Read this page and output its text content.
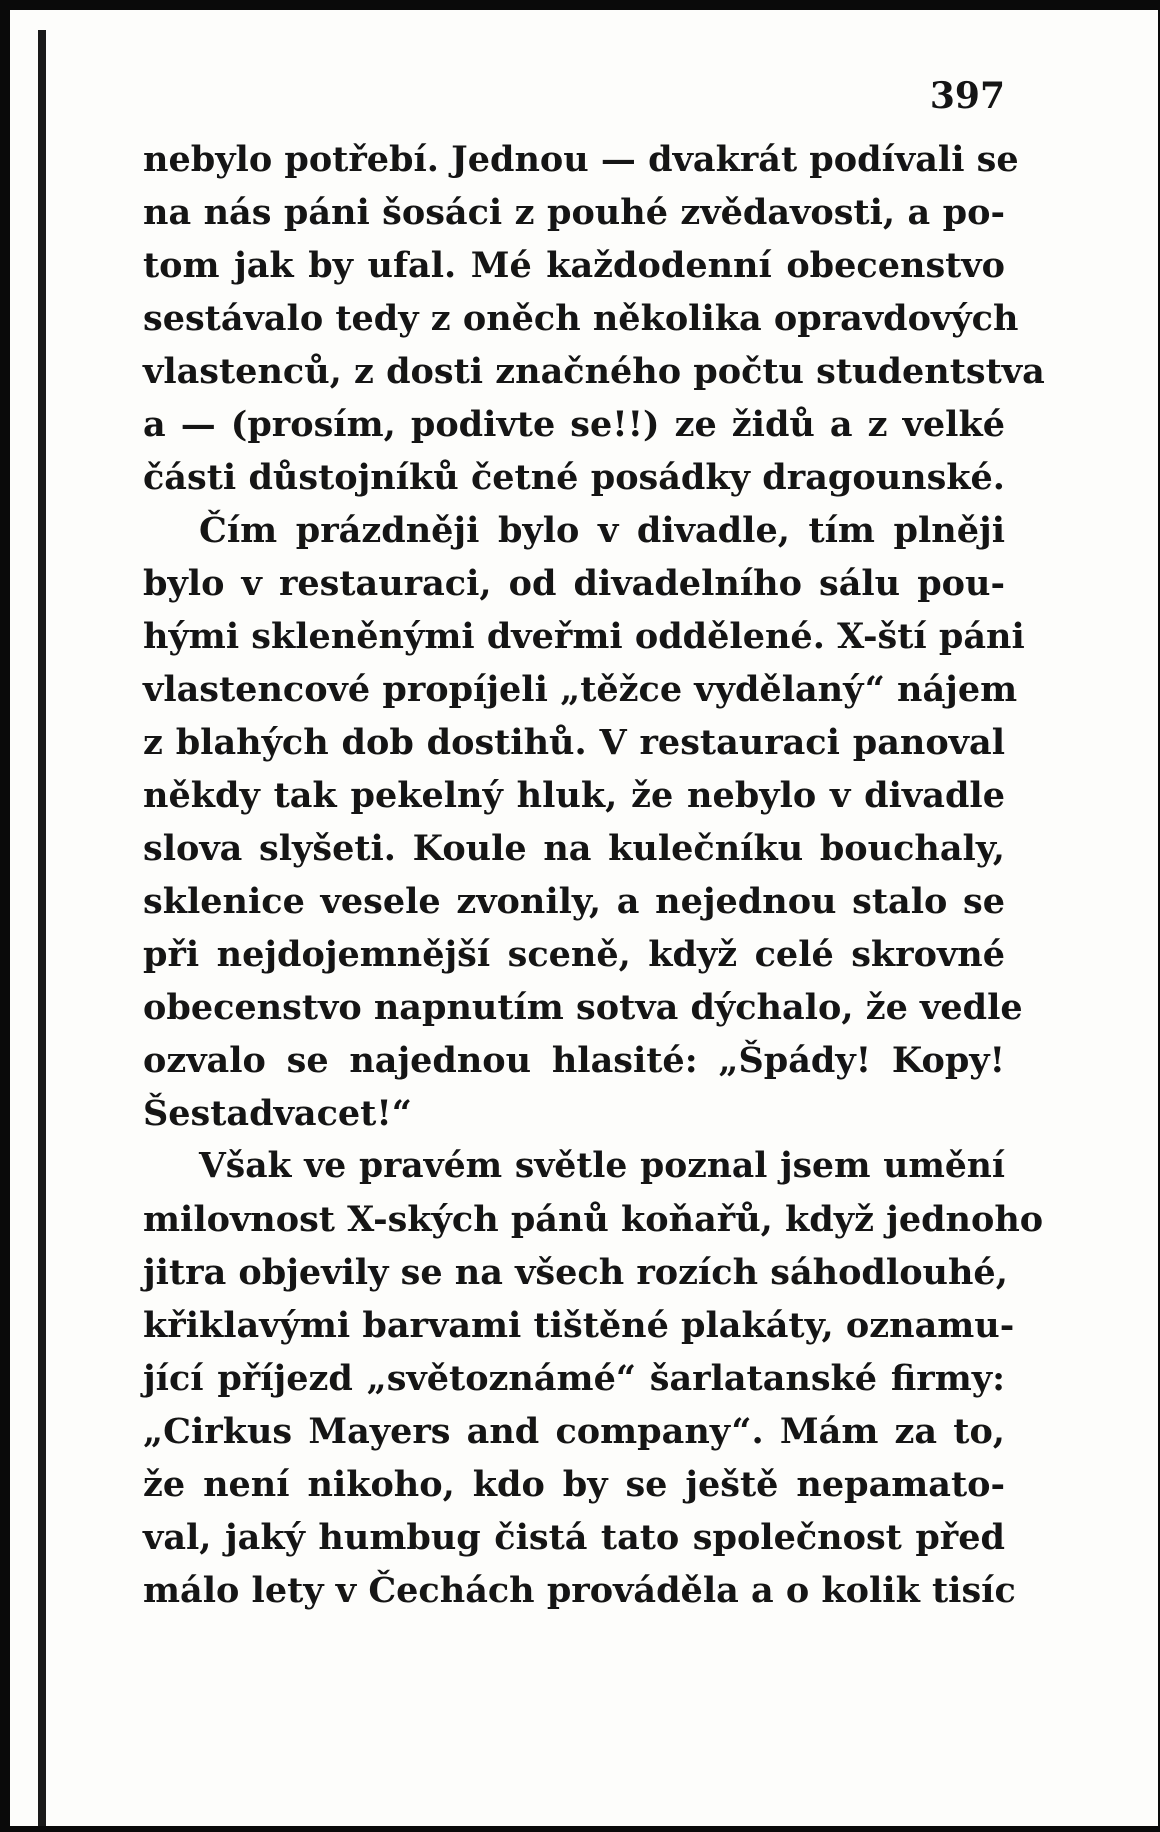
397
nebylo potřebí. Jednou — dvakrát podívali se
na nás páni šosáci z pouhé zvědavosti, a po-
tom jak by ufal. Mé každodenní obecenstvo
sestávalo tedy z oněch několika opravdových
vlastenců, z dosti značného počtu studentstva
a — (prosím, podivte se!!) ze židů a z velké
části důstojníků četné posádky dragounské.
Čím prázdněji bylo v divadle, tím plněji
bylo v restauraci, od divadelního sálu pou-
hými skleněnými dveřmi oddělené. X-ští páni
vlastencové propíjeli „těžce vydělaný“ nájem
z blahých dob dostihů. V restauraci panoval
někdy tak pekelný hluk, že nebylo v divadle
slova slyšeti. Koule na kulečníku bouchaly,
sklenice vesele zvonily, a nejednou stalo se
při nejdojemnější sceně, když celé skrovné
obecenstvo napnutím sotva dýchalo, že vedle
ozvalo se najednou hlasité: „Špády! Kopy!
Šestadvacet!“
Však ve pravém světle poznal jsem umění
milovnost X-ských pánů koňařů, když jednoho
jitra objevily se na všech rozích sáhodlouhé,
křiklavými barvami tištěné plakáty, oznamu-
jící příjezd „světoznámé“ šarlatanské firmy:
„Cirkus Mayers and company“. Mám za to,
že není nikoho, kdo by se ještě nepamato-
val, jaký humbug čistá tato společnost před
málo lety v Čechách prováděla a o kolik tisíc
